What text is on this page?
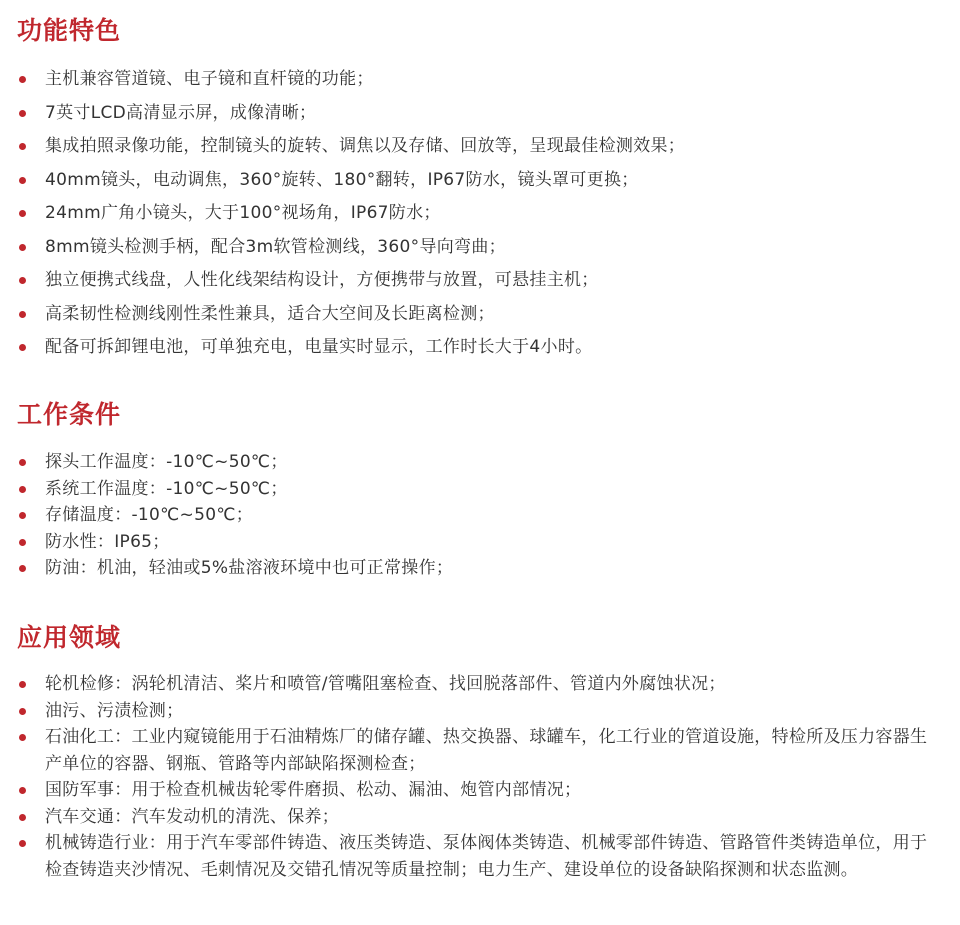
功能特色
主机兼容管道镜、电子镜和直杆镜的功能；
7英寸LCD高清显示屏，成像清晰；
集成拍照录像功能，控制镜头的旋转、调焦以及存储、回放等，呈现最佳检测效果；
40mm镜头，电动调焦，360°旋转、180°翻转，IP67防水，镜头罩可更换；
24mm广角小镜头，大于100°视场角，IP67防水；
8mm镜头检测手柄，配合3m软管检测线，360°导向弯曲；
独立便携式线盘，人性化线架结构设计，方便携带与放置，可悬挂主机；
高柔韧性检测线刚性柔性兼具，适合大空间及长距离检测；
配备可拆卸锂电池，可单独充电，电量实时显示，工作时长大于4小时。
工作条件
探头工作温度：-10℃~50℃；
系统工作温度：-10℃~50℃；
存储温度：-10℃~50℃；
防水性：IP65；
防油：机油，轻油或5%盐溶液环境中也可正常操作；
应用领域
轮机检修：涡轮机清洁、桨片和喷管/管嘴阻塞检查、找回脱落部件、管道内外腐蚀状况；
油污、污渍检测；
石油化工：工业内窥镜能用于石油精炼厂的储存罐、热交换器、球罐车，化工行业的管道设施，特检所及压力容器生产单位的容器、钢瓶、管路等内部缺陷探测检查；
国防军事：用于检查机械齿轮零件磨损、松动、漏油、炮管内部情况；
汽车交通：汽车发动机的清洗、保养；
机械铸造行业：用于汽车零部件铸造、液压类铸造、泵体阀体类铸造、机械零部件铸造、管路管件类铸造单位，用于检查铸造夹沙情况、毛刺情况及交错孔情况等质量控制；电力生产、建设单位的设备缺陷探测和状态监测。
